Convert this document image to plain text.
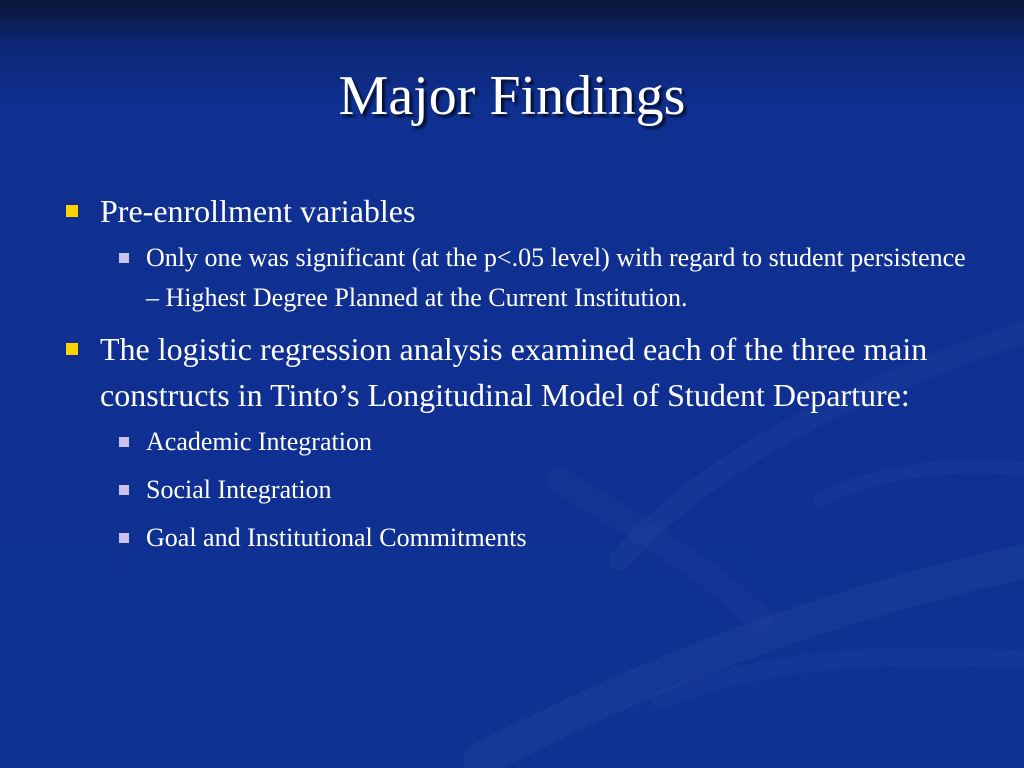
Major Findings
Pre-enrollment variables
Only one was significant (at the p<.05 level) with regard to student persistence – Highest Degree Planned at the Current Institution.
The logistic regression analysis examined each of the three main constructs in Tinto’s Longitudinal Model of Student Departure:
Academic Integration
Social Integration
Goal and Institutional Commitments
